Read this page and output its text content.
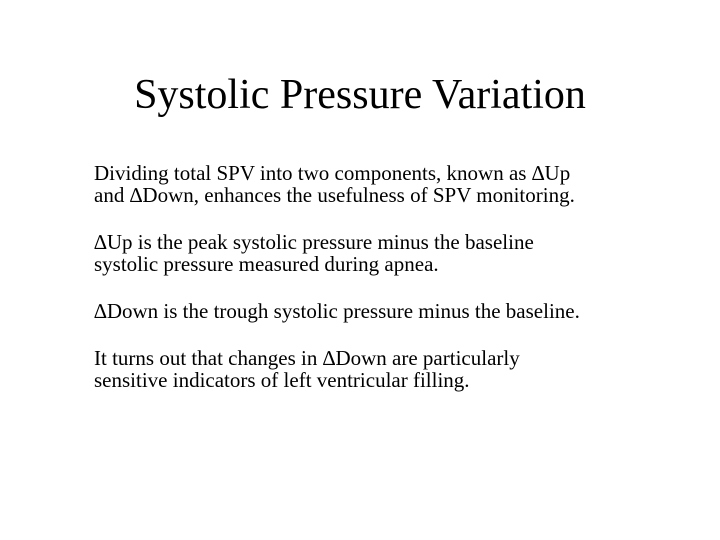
Systolic Pressure Variation

Dividing total SPV into two components, known as ∆Up
and ∆Down, enhances the usefulness of SPV monitoring.

∆Up is the peak systolic pressure minus the baseline
systolic pressure measured during apnea.

∆Down is the trough systolic pressure minus the baseline.

It turns out that changes in ∆Down are particularly
sensitive indicators of left ventricular filling.
